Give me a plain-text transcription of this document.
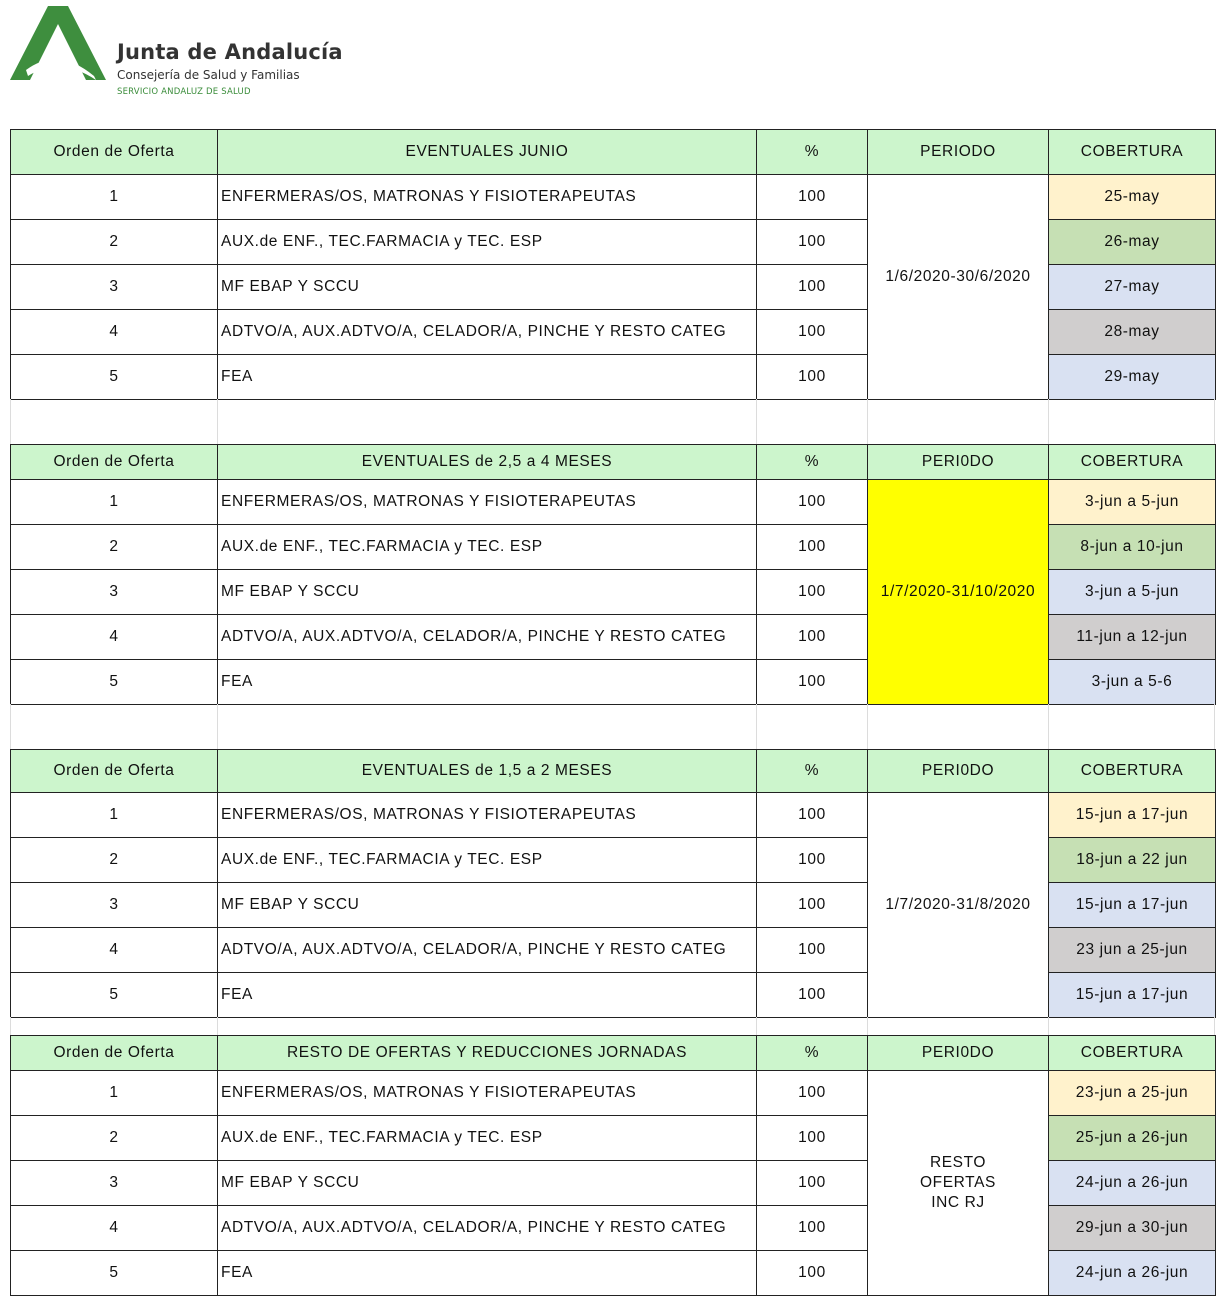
Junta de Andalucía
Consejería de Salud y Familias
SERVICIO ANDALUZ DE SALUD
Orden de Oferta	EVENTUALES JUNIO	%	PERIODO	COBERTURA
1	ENFERMERAS/OS, MATRONAS Y FISIOTERAPEUTAS	100	1/6/2020-30/6/2020	25-may
2	AUX.de ENF., TEC.FARMACIA y TEC. ESP	100		26-may
3	MF EBAP Y SCCU	100		27-may
4	ADTVO/A, AUX.ADTVO/A, CELADOR/A, PINCHE Y RESTO CATEG	100		28-may
5	FEA	100		29-may
Orden de Oferta	EVENTUALES de 2,5 a 4 MESES	%	PERI0DO	COBERTURA
1	ENFERMERAS/OS, MATRONAS Y FISIOTERAPEUTAS	100	1/7/2020-31/10/2020	3-jun a 5-jun
2	AUX.de ENF., TEC.FARMACIA y TEC. ESP	100		8-jun a 10-jun
3	MF EBAP Y SCCU	100		3-jun a 5-jun
4	ADTVO/A, AUX.ADTVO/A, CELADOR/A, PINCHE Y RESTO CATEG	100		11-jun a 12-jun
5	FEA	100		3-jun a 5-6
Orden de Oferta	EVENTUALES de 1,5 a 2 MESES	%	PERI0DO	COBERTURA
1	ENFERMERAS/OS, MATRONAS Y FISIOTERAPEUTAS	100	1/7/2020-31/8/2020	15-jun a 17-jun
2	AUX.de ENF., TEC.FARMACIA y TEC. ESP	100		18-jun a 22 jun
3	MF EBAP Y SCCU	100		15-jun a 17-jun
4	ADTVO/A, AUX.ADTVO/A, CELADOR/A, PINCHE Y RESTO CATEG	100		23 jun a 25-jun
5	FEA	100		15-jun a 17-jun
Orden de Oferta	RESTO DE OFERTAS Y REDUCCIONES JORNADAS	%	PERI0DO	COBERTURA
1	ENFERMERAS/OS, MATRONAS Y FISIOTERAPEUTAS	100	RESTO
OFERTAS
INC RJ	23-jun a 25-jun
2	AUX.de ENF., TEC.FARMACIA y TEC. ESP	100		25-jun a 26-jun
3	MF EBAP Y SCCU	100		24-jun a 26-jun
4	ADTVO/A, AUX.ADTVO/A, CELADOR/A, PINCHE Y RESTO CATEG	100		29-jun a 30-jun
5	FEA	100		24-jun a 26-jun
